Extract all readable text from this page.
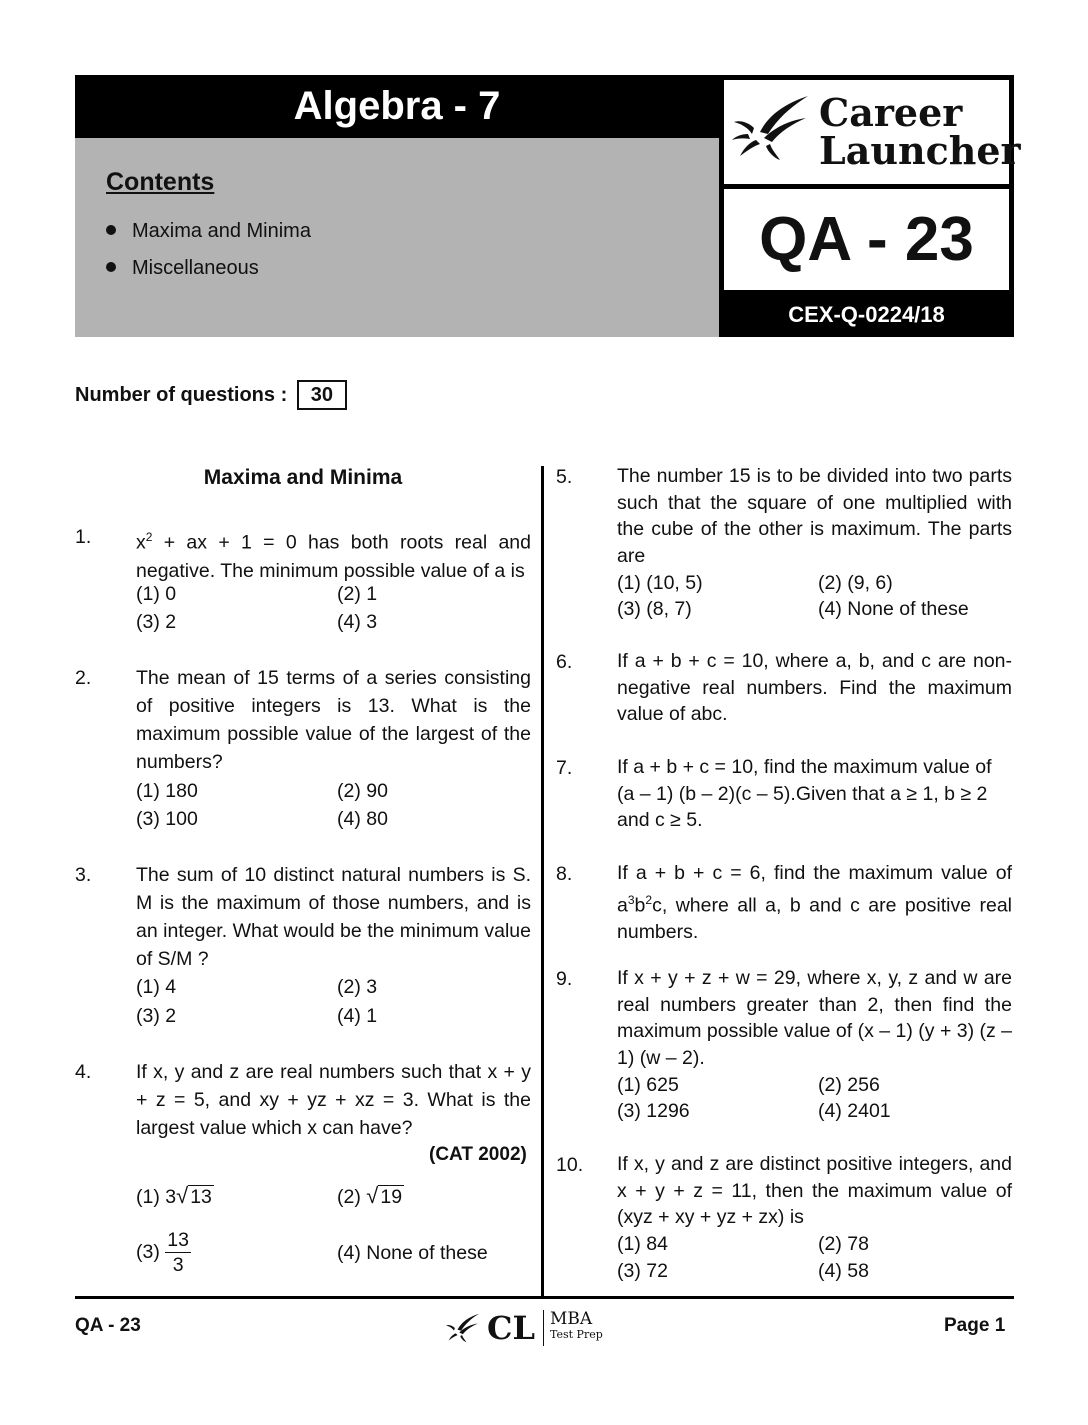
Algebra - 7
Contents
Maxima and Minima
Miscellaneous
Career
Launcher
QA - 23
CEX-Q-0224/18
Number of questions : 30
Maxima and Minima
1. $x^2$ + ax + 1 = 0 has both roots real and negative. The minimum possible value of a is
(1) 0	(2) 1
(3) 2	(4) 3
2. The mean of 15 terms of a series consisting of positive integers is 13. What is the maximum possible value of the largest of the numbers?
(1) 180	(2) 90
(3) 100	(4) 80
3. The sum of 10 distinct natural numbers is S. M is the maximum of those numbers, and is an integer. What would be the minimum value of S/M ?
(1) 4	(2) 3
(3) 2	(4) 1
4. If x, y and z are real numbers such that x + y + z = 5, and xy + yz + xz = 3. What is the largest value which x can have?
(CAT 2002)
(1) 3√ 13	(2) √ 19
$(3) \frac{13}{3}$	(4) None of these
5. The number 15 is to be divided into two parts such that the square of one multiplied with the cube of the other is maximum. The parts are
(1) (10, 5)	(2) (9, 6)
(3) (8, 7)	(4) None of these
6. If a + b + c = 10, where a, b, and c are non-negative real numbers. Find the maximum value of abc.
7. If a + b + c = 10, find the maximum value of (a – 1) (b – 2)(c – 5).Given that a ≥ 1, b ≥ 2 and c ≥ 5.
8. If a + b + c = 6, find the maximum value of $a^3b^2c$, where all a, b and c are positive real numbers.
9. If x + y + z + w = 29, where x, y, z and w are real numbers greater than 2, then find the maximum possible value of (x – 1) (y + 3) (z – 1) (w – 2).
(1) 625	(2) 256
(3) 1296	(4) 2401
10. If x, y and z are distinct positive integers, and x + y + z = 11, then the maximum value of (xyz + xy + yz + zx) is
(1) 84	(2) 78
(3) 72	(4) 58
QA - 23	CL MBA
Test Prep	Page 1
